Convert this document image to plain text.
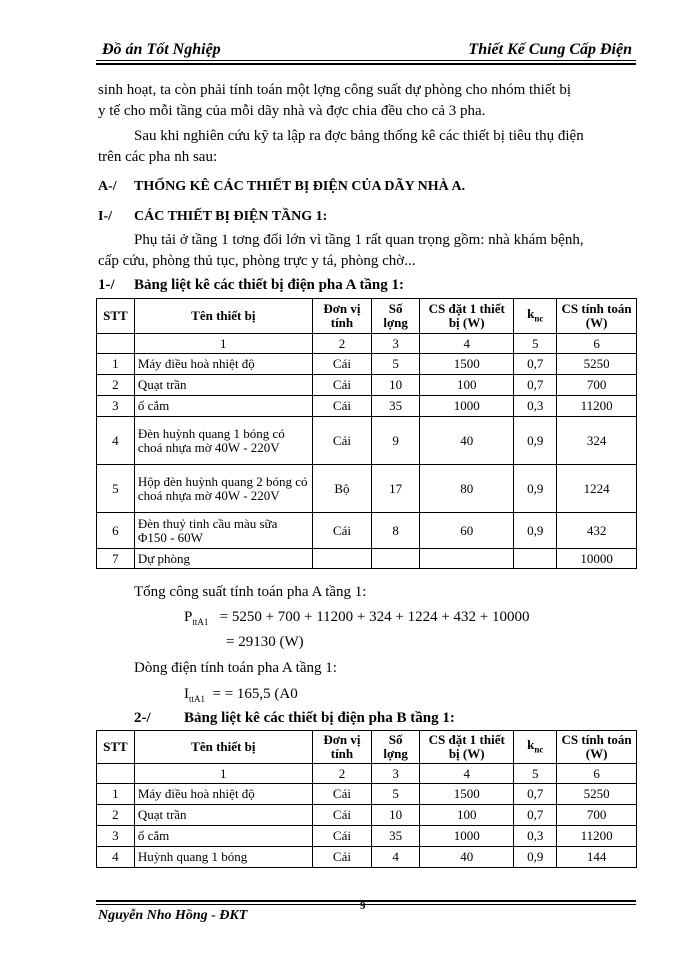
Đồ án Tốt Nghiệp	Thiết Kế Cung Cấp Điện
sinh hoạt, ta còn phải tính toán một lợng công suất dự phòng cho nhóm thiết bị
y tế cho mỗi tầng của mỗi dãy nhà và đợc chia đều cho cả 3 pha.
Sau khi nghiên cứu kỹ ta lập ra đợc bảng thống kê các thiết bị tiêu thụ điện
trên các pha nh sau:
A-/ THỐNG KÊ CÁC THIẾT BỊ ĐIỆN CỦA DÃY NHÀ A.
I-/ CÁC THIẾT BỊ ĐIỆN TẦNG 1:
Phụ tải ở tầng 1 tơng đối lớn vì tầng 1 rất quan trọng gồm: nhà khám bệnh,
cấp cứu, phòng thủ tục, phòng trực y tá, phòng chờ...
1-/ Bảng liệt kê các thiết bị điện pha A tầng 1:
STT	Tên thiết bị	Đơn vị tính	Số lợng	CS đặt 1 thiết bị (W)	$k_{nc}$	CS tính toán (W)
	1	2	3	4	5	6
1	Máy điều hoà nhiệt độ	Cái	5	1500	0,7	5250
2	Quạt trần	Cái	10	100	0,7	700
3	ổ cắm	Cái	35	1000	0,3	11200
4	Đèn huỳnh quang 1 bóng có choá nhựa mờ 40W - 220V	Cái	9	40	0,9	324
5	Hộp đèn huỳnh quang 2 bóng có choá nhựa mờ 40W - 220V	Bộ	17	80	0,9	1224
6	Đèn thuỷ tinh cầu màu sữa Φ150 - 60W	Cái	8	60	0,9	432
7	Dự phòng					10000
Tổng công suất tính toán pha A tầng 1:
$P_{ttA1} = 5250 + 700 + 11200 + 324 + 1224 + 432 + 10000$
= 29130 (W)
Dòng điện tính toán pha A tầng 1:
$I_{ttA1}$ = = 165,5 (A0
2-/ Bảng liệt kê các thiết bị điện pha B tầng 1:
STT	Tên thiết bị	Đơn vị tính	Số lợng	CS đặt 1 thiết bị (W)	$k_{nc}$	CS tính toán (W)
	1	2	3	4	5	6
1	Máy điều hoà nhiệt độ	Cái	5	1500	0,7	5250
2	Quạt trần	Cái	10	100	0,7	700
3	ổ cắm	Cái	35	1000	0,3	11200
4	Huỳnh quang 1 bóng	Cái	4	40	0,9	144
Nguyễn Nho Hồng - ĐKT
9
